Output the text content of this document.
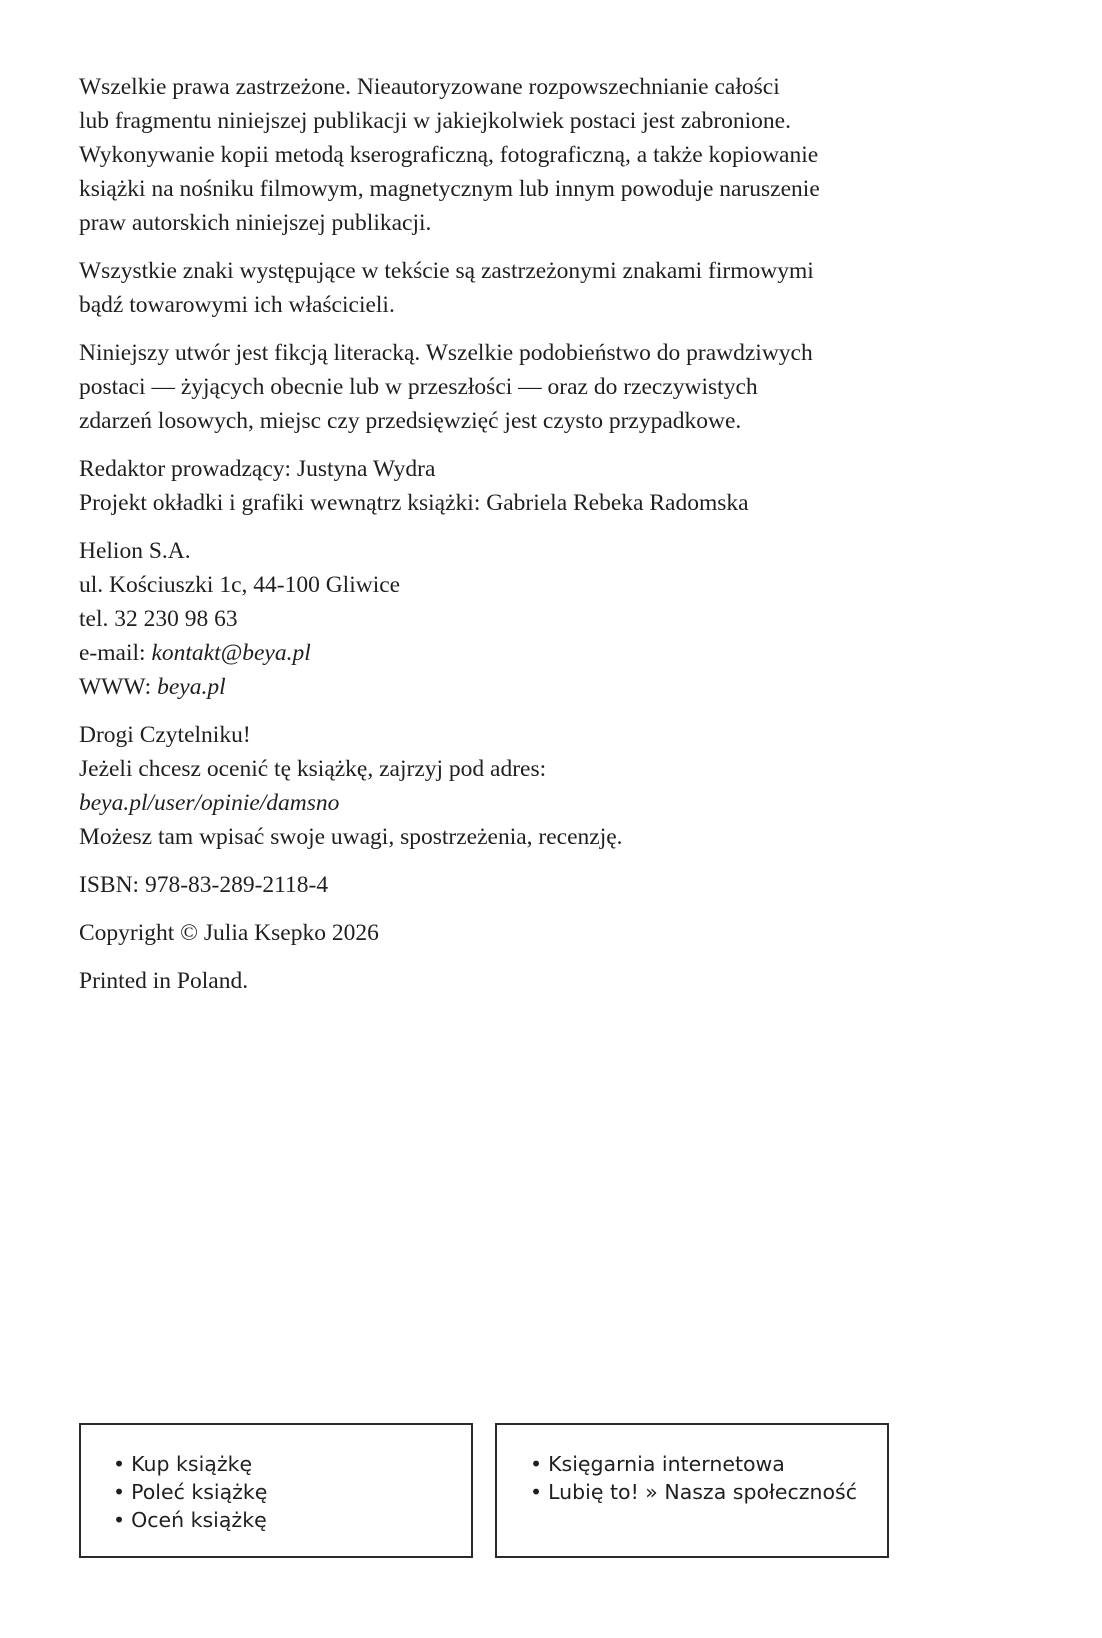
Wszelkie prawa zastrzeżone. Nieautoryzowane rozpowszechnianie całości
lub fragmentu niniejszej publikacji w jakiejkolwiek postaci jest zabronione.
Wykonywanie kopii metodą kserograficzną, fotograficzną, a także kopiowanie
książki na nośniku filmowym, magnetycznym lub innym powoduje naruszenie
praw autorskich niniejszej publikacji.

Wszystkie znaki występujące w tekście są zastrzeżonymi znakami firmowymi
bądź towarowymi ich właścicieli.

Niniejszy utwór jest fikcją literacką. Wszelkie podobieństwo do prawdziwych
postaci — żyjących obecnie lub w przeszłości — oraz do rzeczywistych
zdarzeń losowych, miejsc czy przedsięwzięć jest czysto przypadkowe.

Redaktor prowadzący: Justyna Wydra
Projekt okładki i grafiki wewnątrz książki: Gabriela Rebeka Radomska

Helion S.A.
ul. Kościuszki 1c, 44-100 Gliwice
tel. 32 230 98 63
e-mail: kontakt@beya.pl
WWW: beya.pl

Drogi Czytelniku!
Jeżeli chcesz ocenić tę książkę, zajrzyj pod adres:
beya.pl/user/opinie/damsno
Możesz tam wpisać swoje uwagi, spostrzeżenia, recenzję.

ISBN: 978-83-289-2118-4

Copyright © Julia Ksepko 2026

Printed in Poland.

• Kup książkę
• Poleć książkę
• Oceń książkę
• Księgarnia internetowa
• Lubię to! » Nasza społeczność
